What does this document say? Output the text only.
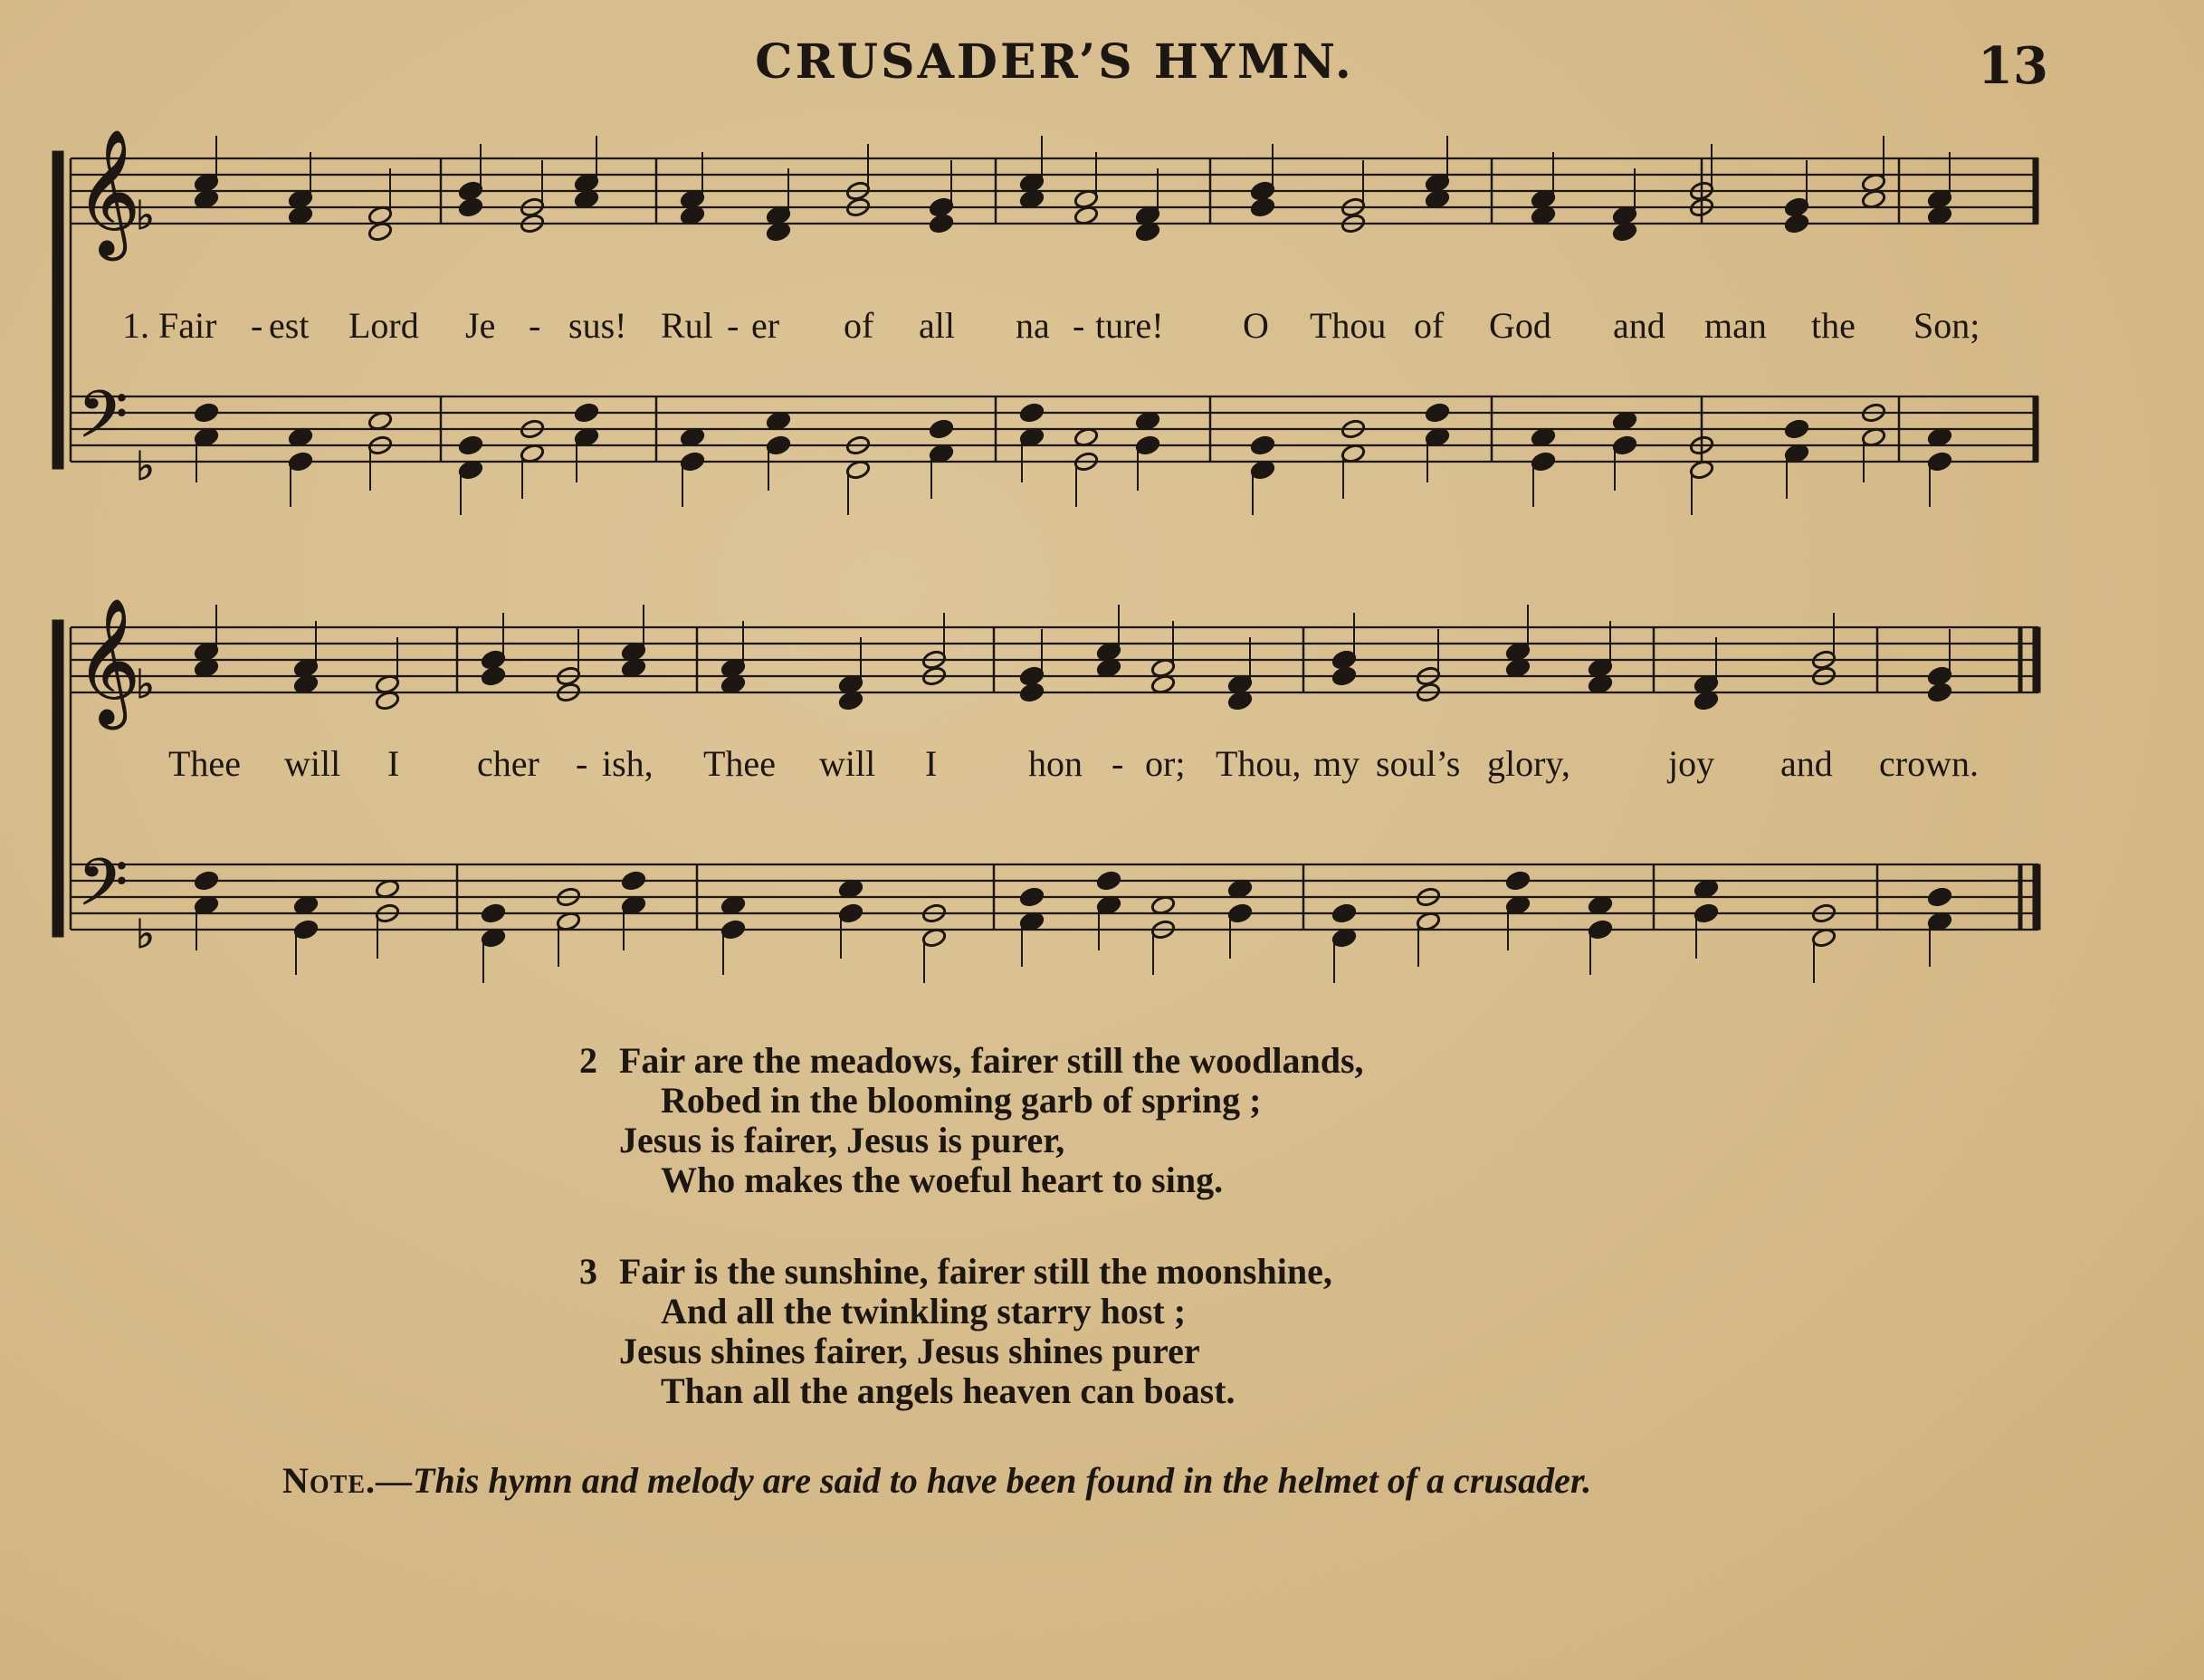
CRUSADER’S HYMN.	13
𝄞
𝄢
♭
♭
𝄞
𝄢
♭
♭
1. Fair - est Lord Je - sus! Rul - er of all na - ture! O Thou of God and man the Son;
Thee will I cher - ish, Thee will I	hon - or; Thou, my soul’s glory,	joy and crown.
2 Fair are the meadows, fairer still the woodlands,
Robed in the blooming garb of spring ;
Jesus is fairer, Jesus is purer,
Who makes the woeful heart to sing.
3 Fair is the sunshine, fairer still the moonshine,
And all the twinkling starry host ;
Jesus shines fairer, Jesus shines purer
Than all the angels heaven can boast.
Note.—This hymn and melody are said to have been found in the helmet of a crusader.
